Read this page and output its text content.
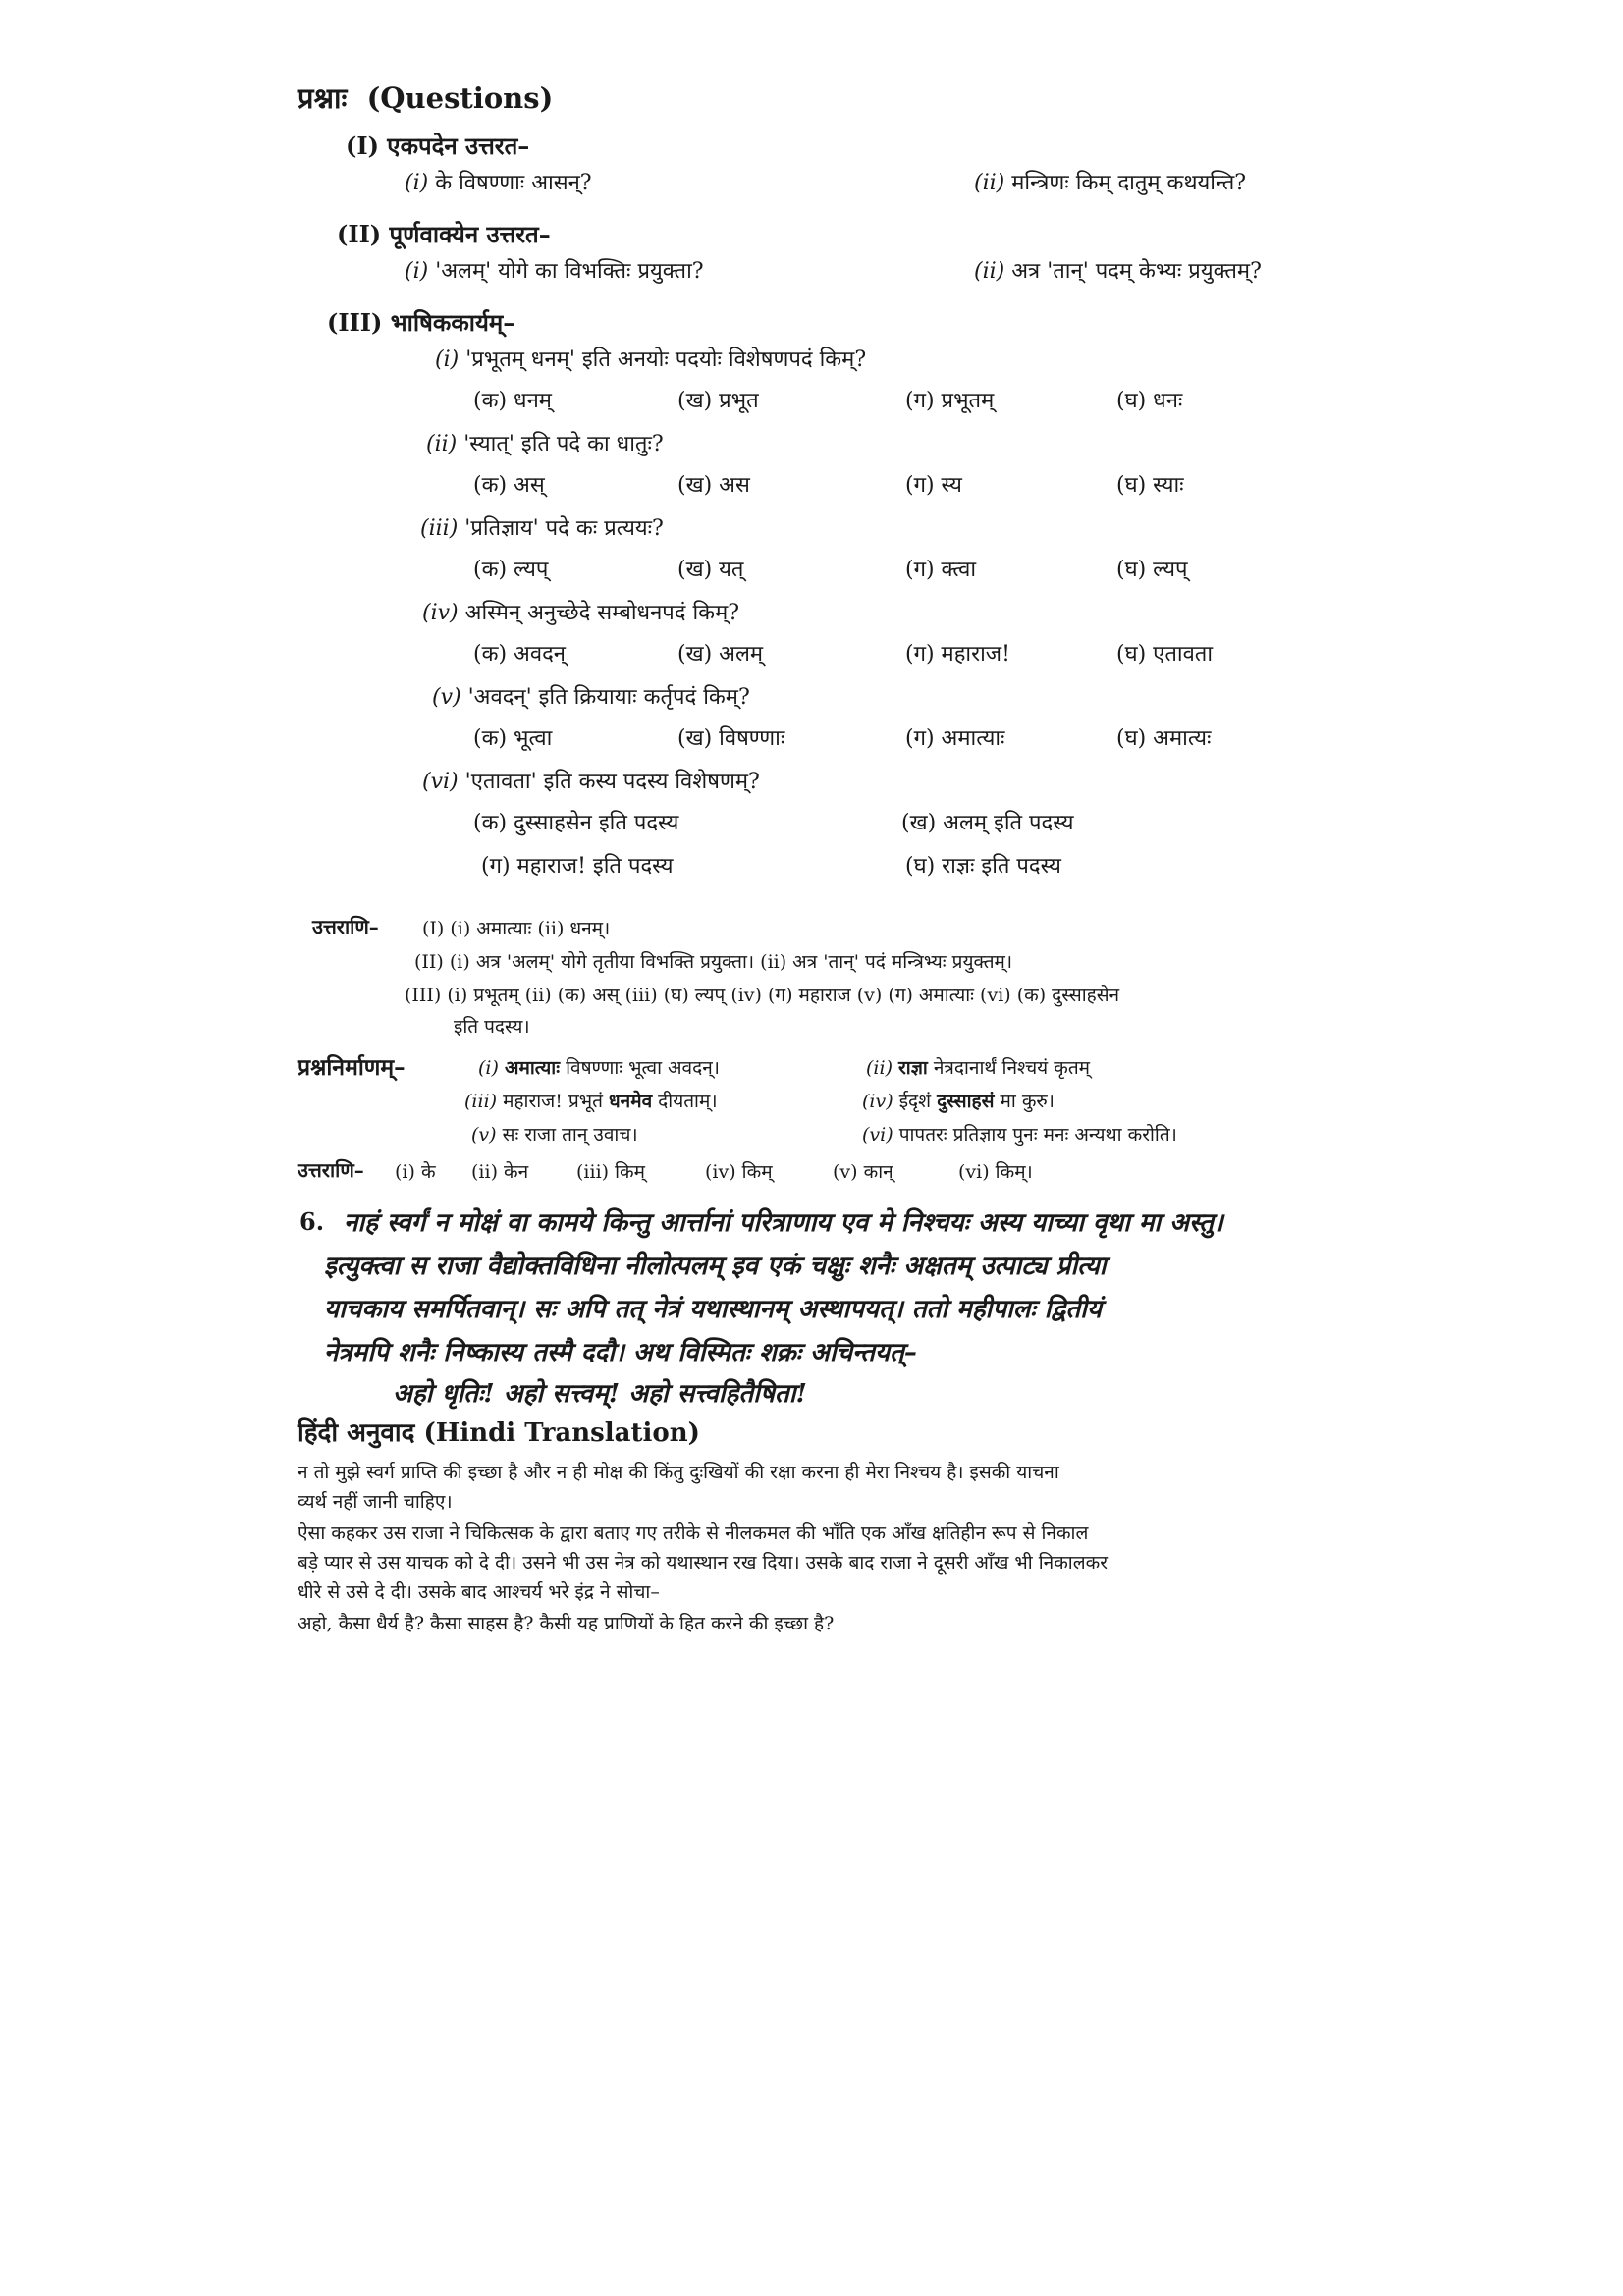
प्रश्नाः (Questions)
(I) एकपदेन उत्तरत–
(i) के विषण्णाः आसन्?	(ii) मन्त्रिणः किम् दातुम् कथयन्ति?
(II) पूर्णवाक्येन उत्तरत–
(i) 'अलम्' योगे का विभक्तिः प्रयुक्ता?	(ii) अत्र 'तान्' पदम् केभ्यः प्रयुक्तम्?
(III) भाषिककार्यम्–
(i) 'प्रभूतम् धनम्' इति अनयोः पदयोः विशेषणपदं किम्?
(क) धनम्	(ख) प्रभूत	(ग) प्रभूतम्	(घ) धनः
(ii) 'स्यात्' इति पदे का धातुः?
(क) अस्	(ख) अस	(ग) स्य	(घ) स्याः
(iii) 'प्रतिज्ञाय' पदे कः प्रत्ययः?
(क) ल्यप्	(ख) यत्	(ग) क्त्वा	(घ) ल्यप्
(iv) अस्मिन् अनुच्छेदे सम्बोधनपदं किम्?
(क) अवदन्	(ख) अलम्	(ग) महाराज!	(घ) एतावता
(v) 'अवदन्' इति क्रियायाः कर्तृपदं किम्?
(क) भूत्वा	(ख) विषण्णाः	(ग) अमात्याः	(घ) अमात्यः
(vi) 'एतावता' इति कस्य पदस्य विशेषणम्?
(क) दुस्साहसेन इति पदस्य	(ख) अलम् इति पदस्य
(ग) महाराज! इति पदस्य	(घ) राज्ञः इति पदस्य
उत्तराणि– (I) (i) अमात्याः (ii) धनम्।
(II) (i) अत्र 'अलम्' योगे तृतीया विभक्ति प्रयुक्ता। (ii) अत्र 'तान्' पदं मन्त्रिभ्यः प्रयुक्तम्।
(III) (i) प्रभूतम् (ii) (क) अस् (iii) (घ) ल्यप् (iv) (ग) महाराज (v) (ग) अमात्याः (vi) (क) दुस्साहसेन
इति पदस्य।
प्रश्ननिर्माणम्–	(i) अमात्याः विषण्णाः भूत्वा अवदन्।	(ii) राज्ञा नेत्रदानार्थं निश्चयं कृतम्
(iii) महाराज! प्रभूतं धनमेव दीयताम्।	(iv) ईदृशं दुस्साहसं मा कुरु।
(v) सः राजा तान् उवाच।	(vi) पापतरः प्रतिज्ञाय पुनः मनः अन्यथा करोति।
उत्तराणि– (i) के (ii) केन	(iii) किम्	(iv) किम्	(v) कान्	(vi) किम्।
6. नाहं स्वर्गं न मोक्षं वा कामये किन्तु आर्त्तानां परित्राणाय एव मे निश्चयः अस्य याच्या वृथा मा अस्तु।
इत्युक्त्वा स राजा वैद्योक्तविधिना नीलोत्पलम् इव एकं चक्षुः शनैः अक्षतम् उत्पाट्य प्रीत्या
याचकाय समर्पितवान्। सः अपि तत् नेत्रं यथास्थानम् अस्थापयत्। ततो महीपालः द्वितीयं
नेत्रमपि शनैः निष्कास्य तस्मै ददौ। अथ विस्मितः शक्रः अचिन्तयत्–
अहो धृतिः! अहो सत्त्वम्! अहो सत्त्वहितैषिता!
हिंदी अनुवाद (Hindi Translation)
न तो मुझे स्वर्ग प्राप्ति की इच्छा है और न ही मोक्ष की किंतु दुःखियों की रक्षा करना ही मेरा निश्चय है। इसकी याचना
व्यर्थ नहीं जानी चाहिए।
ऐसा कहकर उस राजा ने चिकित्सक के द्वारा बताए गए तरीके से नीलकमल की भाँति एक आँख क्षतिहीन रूप से निकाल
बड़े प्यार से उस याचक को दे दी। उसने भी उस नेत्र को यथास्थान रख दिया। उसके बाद राजा ने दूसरी आँख भी निकालकर
धीरे से उसे दे दी। उसके बाद आश्चर्य भरे इंद्र ने सोचा–
अहो, कैसा धैर्य है? कैसा साहस है? कैसी यह प्राणियों के हित करने की इच्छा है?
